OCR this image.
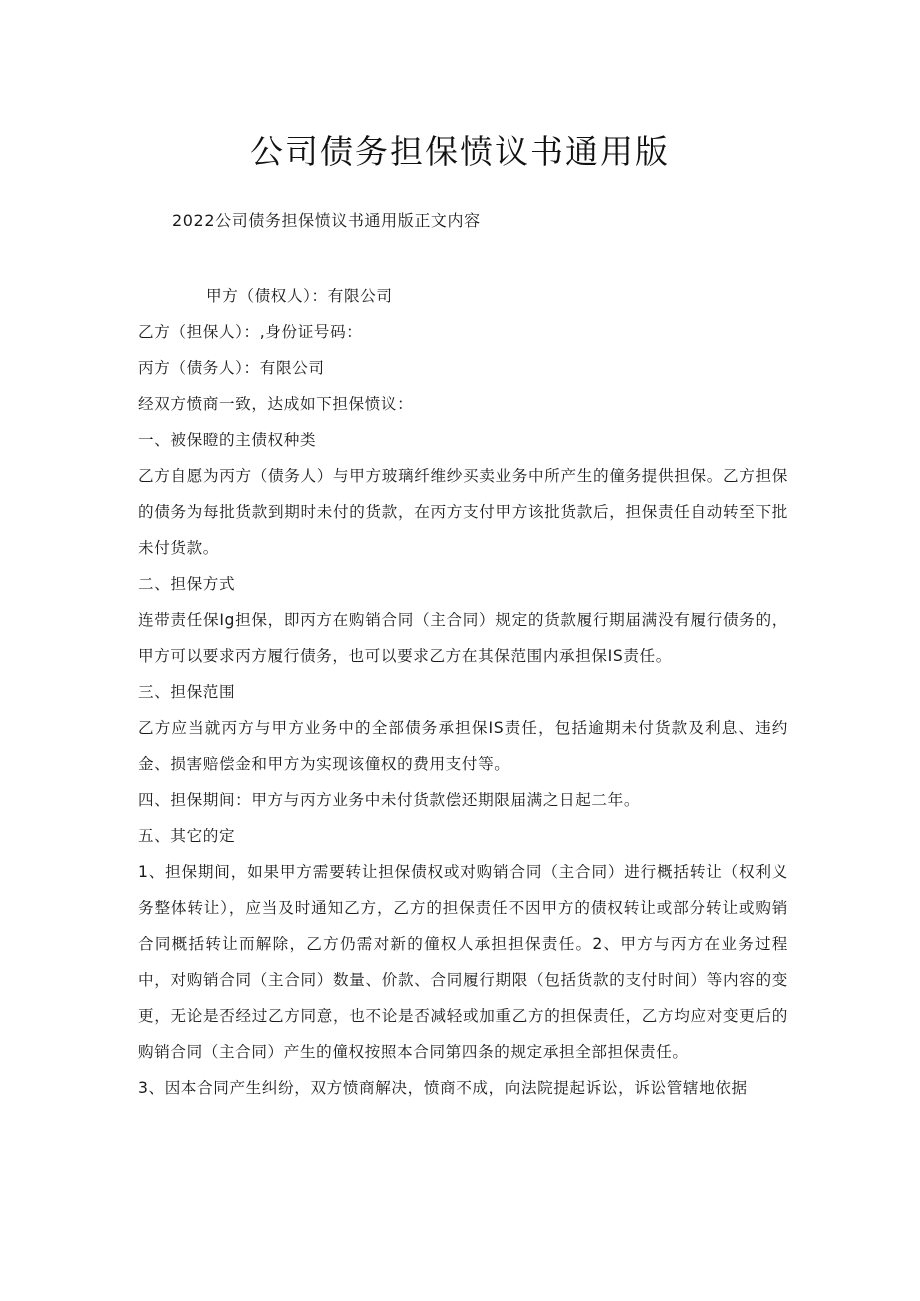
公司债务担保愤议书通用版

2022公司债务担保愤议书通用版正文内容

甲方（债权人）：有限公司

乙方（担保人）：,身份证号码：

丙方（债务人）：有限公司

经双方愤商一致，达成如下担保愤议：

一、被保瞪的主债权种类

乙方自愿为丙方（债务人）与甲方玻璃纤维纱买卖业务中所产生的僮务提供担保。乙方担保的债务为每批货款到期时未付的货款，在丙方支付甲方该批货款后，担保责任自动转至下批未付货款。

二、担保方式

连带责任保Ig担保，即丙方在购销合同（主合同）规定的货款履行期届满没有履行债务的，甲方可以要求丙方履行债务，也可以要求乙方在其保范围内承担保IS责任。

三、担保范围

乙方应当就丙方与甲方业务中的全部债务承担保IS责任，包括逾期未付货款及利息、违约金、损害赔偿金和甲方为实现该僮权的费用支付等。

四、担保期间：甲方与丙方业务中未付货款偿还期限届满之日起二年。

五、其它的定

1、担保期间，如果甲方需要转让担保债权或对购销合同（主合同）进行概括转让（权利义务整体转让），应当及时通知乙方，乙方的担保责任不因甲方的债权转让或部分转让或购销合同概括转让而解除，乙方仍需对新的僮权人承担担保责任。2、甲方与丙方在业务过程中，对购销合同（主合同）数量、价款、合同履行期限（包括货款的支付时间）等内容的变更，无论是否经过乙方同意，也不论是否减轻或加重乙方的担保责任，乙方均应对变更后的购销合同（主合同）产生的僮权按照本合同第四条的规定承担全部担保责任。

3、因本合同产生纠纷，双方愤商解决，愤商不成，向法院提起诉讼，诉讼管辖地依据
